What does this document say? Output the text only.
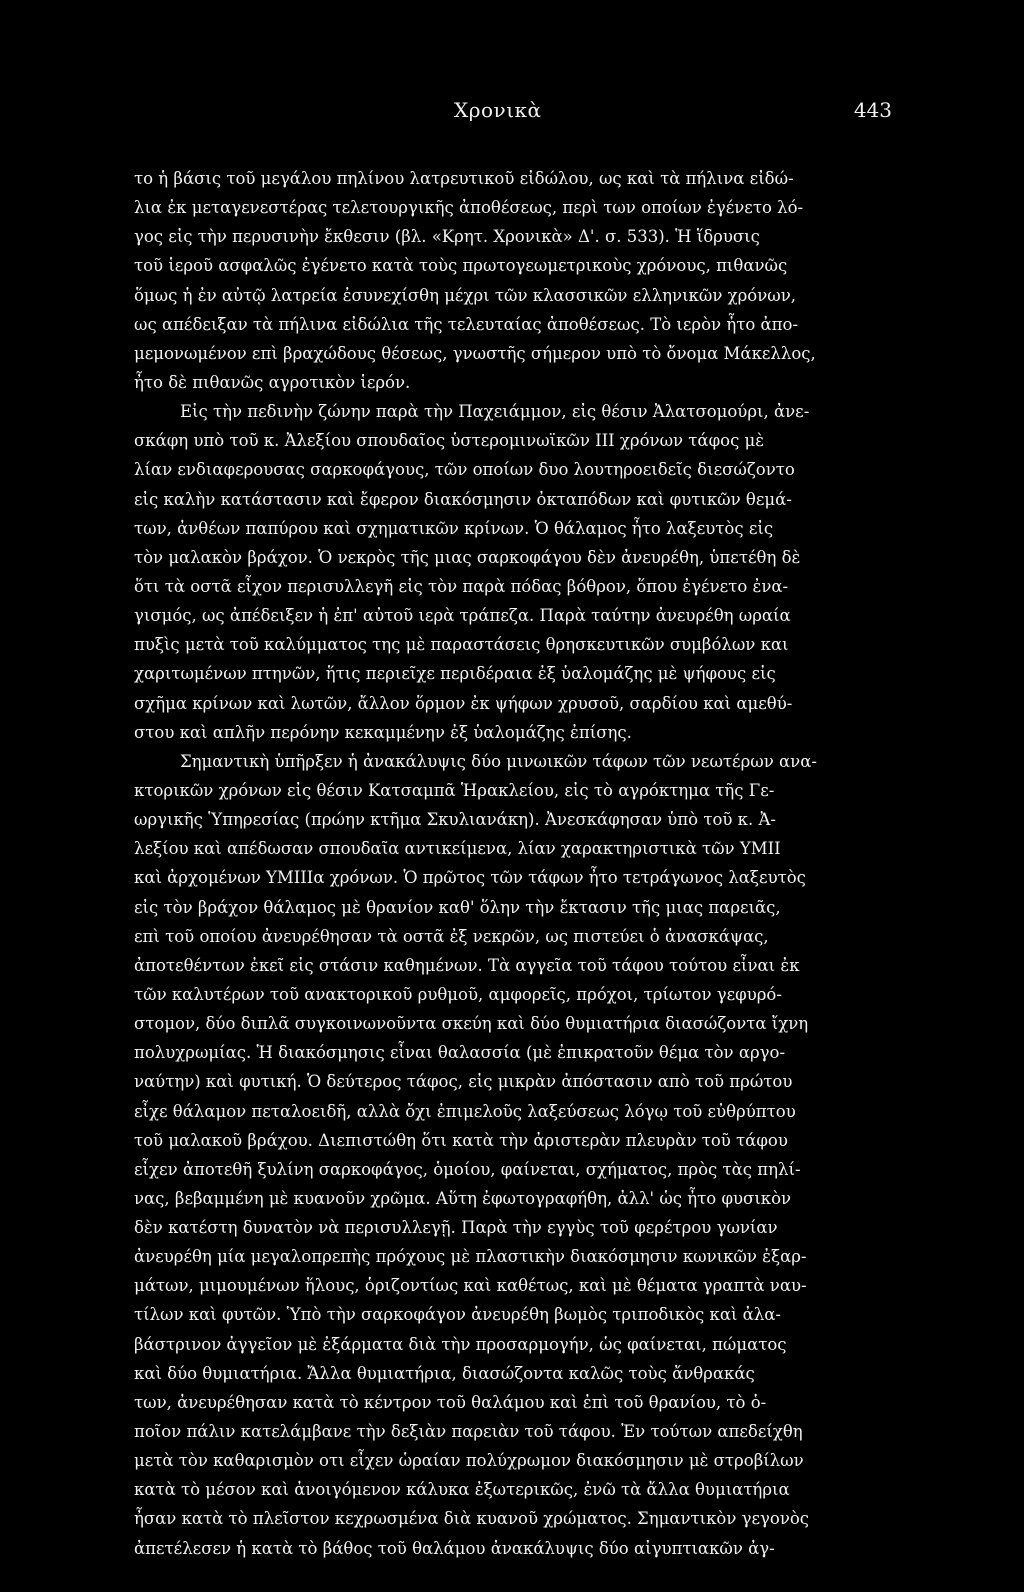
Χρονικὰ	443
το ἡ βάσις τοῦ μεγάλου πηλίνου λατρευτικοῦ εἰδώλου, ως καὶ τὰ πήλινα εἰδώ-
λια ἐκ μεταγενεστέρας τελετουργικῆς ἀποθέσεως, περὶ των οποίων ἐγένετο λό-
γος εἰς τὴν περυσινὴν ἔκθεσιν (βλ. «Κρητ. Χρονικὰ» Δ'. σ. 533). Ἡ ἵδρυσις
τοῦ ἱεροῦ ασφαλῶς ἐγένετο κατὰ τοὺς πρωτογεωμετρικοὺς χρόνους, πιθανῶς
ὅμως ἡ ἐν αὐτῷ λατρεία ἐσυνεχίσθη μέχρι τῶν κλασσικῶν ελληνικῶν χρόνων,
ως απέδειξαν τὰ πήλινα εἰδώλια τῆς τελευταίας ἀποθέσεως. Τὸ ιερὸν ἦτο ἀπο-
μεμονωμένον επὶ βραχώδους θέσεως, γνωστῆς σήμερον υπὸ τὸ ὄνομα Μάκελλος,
ἦτο δὲ πιθανῶς αγροτικὸν ἱερόν.
Εἰς τὴν πεδινὴν ζώνην παρὰ τὴν Παχειάμμον, εἰς θέσιν Ἀλατσομούρι, ἀνε-
σκάφη υπὸ τοῦ κ. Ἀλεξίου σπουδαῖος ὑστερομινωϊκῶν ΙΙΙ χρόνων τάφος μὲ
λίαν ενδιαφερουσας σαρκοφάγους, τῶν οποίων δυο λουτηροειδεῖς διεσώζοντο
εἰς καλὴν κατάστασιν καὶ ἔφερον διακόσμησιν ὀκταπόδων καὶ φυτικῶν θεμά-
των, ἀνθέων παπύρου καὶ σχηματικῶν κρίνων. Ὁ θάλαμος ἦτο λαξευτὸς εἰς
τὸν μαλακὸν βράχον. Ὁ νεκρὸς τῆς μιας σαρκοφάγου δὲν ἀνευρέθη, ὑπετέθη δὲ
ὅτι τὰ οστᾶ εἶχον περισυλλεγῆ εἰς τὸν παρὰ πόδας βόθρον, ὅπου ἐγένετο ἐνα-
γισμός, ως ἀπέδειξεν ἡ ἐπ' αὐτοῦ ιερὰ τράπεζα. Παρὰ ταύτην ἀνευρέθη ωραία
πυξὶς μετὰ τοῦ καλύμματος της μὲ παραστάσεις θρησκευτικῶν συμβόλων και
χαριτωμένων πτηνῶν, ἥτις περιεῖχε περιδέραια ἐξ ὑαλομάζης μὲ ψήφους εἰς
σχῆμα κρίνων καὶ λωτῶν, ἄλλον ὅρμον ἐκ ψήφων χρυσοῦ, σαρδίου καὶ αμεθύ-
στου καὶ απλῆν περόνην κεκαμμένην ἐξ ὑαλομάζης ἐπίσης.
Σημαντικὴ ὑπῆρξεν ἡ ἀνακάλυψις δύο μινωικῶν τάφων τῶν νεωτέρων ανα-
κτορικῶν χρόνων εἰς θέσιν Κατσαμπᾶ Ἡρακλείου, εἰς τὸ αγρόκτημα τῆς Γε-
ωργικῆς Ὑπηρεσίας (πρώην κτῆμα Σκυλιανάκη). Ἀνεσκάφησαν ὑπὸ τοῦ κ. Ἀ-
λεξίου καὶ απέδωσαν σπουδαῖα αντικείμενα, λίαν χαρακτηριστικὰ τῶν ΥΜΙΙ
καὶ ἀρχομένων ΥΜΙΙΙα χρόνων. Ὁ πρῶτος τῶν τάφων ἦτο τετράγωνος λαξευτὸς
εἰς τὸν βράχον θάλαμος μὲ θρανίον καθ' ὅλην τὴν ἔκτασιν τῆς μιας παρειᾶς,
επὶ τοῦ οποίου ἀνευρέθησαν τὰ οστᾶ ἐξ νεκρῶν, ως πιστεύει ὁ ἀνασκάψας,
ἀποτεθέντων ἐκεῖ εἰς στάσιν καθημένων. Τὰ αγγεῖα τοῦ τάφου τούτου εἶναι ἐκ
τῶν καλυτέρων τοῦ ανακτορικοῦ ρυθμοῦ, αμφορεῖς, πρόχοι, τρίωτον γεφυρό-
στομον, δύο διπλᾶ συγκοινωνοῦντα σκεύη καὶ δύο θυμιατήρια διασώζοντα ἴχνη
πολυχρωμίας. Ἡ διακόσμησις εἶναι θαλασσία (μὲ ἐπικρατοῦν θέμα τὸν αργο-
ναύτην) καὶ φυτική. Ὁ δεύτερος τάφος, εἰς μικρὰν ἀπόστασιν απὸ τοῦ πρώτου
εἶχε θάλαμον πεταλοειδῆ, αλλὰ ὄχι ἐπιμελοῦς λαξεύσεως λόγῳ τοῦ εὐθρύπτου
τοῦ μαλακοῦ βράχου. Διεπιστώθη ὅτι κατὰ τὴν ἀριστερὰν πλευρὰν τοῦ τάφου
εἶχεν ἀποτεθῆ ξυλίνη σαρκοφάγος, ὁμοίου, φαίνεται, σχήματος, πρὸς τὰς πηλί-
νας, βεβαμμένη μὲ κυανοῦν χρῶμα. Αὕτη ἐφωτογραφήθη, ἀλλ' ὡς ἦτο φυσικὸν
δὲν κατέστη δυνατὸν νὰ περισυλλεγῇ. Παρὰ τὴν εγγὺς τοῦ φερέτρου γωνίαν
ἀνευρέθη μία μεγαλοπρεπὴς πρόχους μὲ πλαστικὴν διακόσμησιν κωνικῶν ἐξαρ-
μάτων, μιμουμένων ἥλους, ὁριζοντίως καὶ καθέτως, καὶ μὲ θέματα γραπτὰ ναυ-
τίλων καὶ φυτῶν. Ὑπὸ τὴν σαρκοφάγον ἀνευρέθη βωμὸς τριποδικὸς καὶ ἀλα-
βάστρινον ἀγγεῖον μὲ ἐξάρματα διὰ τὴν προσαρμογήν, ὡς φαίνεται, πώματος
καὶ δύο θυμιατήρια. Ἄλλα θυμιατήρια, διασώζοντα καλῶς τοὺς ἄνθρακάς
των, ἀνευρέθησαν κατὰ τὸ κέντρον τοῦ θαλάμου καὶ ἐπὶ τοῦ θρανίου, τὸ ὁ-
ποῖον πάλιν κατελάμβανε τὴν δεξιὰν παρειὰν τοῦ τάφου. Ἐν τούτων απεδείχθη
μετὰ τὸν καθαρισμὸν οτι εἶχεν ὡραίαν πολύχρωμον διακόσμησιν μὲ στροβίλων
κατὰ τὸ μέσον καὶ ἀνοιγόμενον κάλυκα ἐξωτερικῶς, ἐνῶ τὰ ἄλλα θυμιατήρια
ἦσαν κατὰ τὸ πλεῖστον κεχρωσμένα διὰ κυανοῦ χρώματος. Σημαντικὸν γεγονὸς
ἀπετέλεσεν ἡ κατὰ τὸ βάθος τοῦ θαλάμου ἀνακάλυψις δύο αἰγυπτιακῶν ἀγ-
